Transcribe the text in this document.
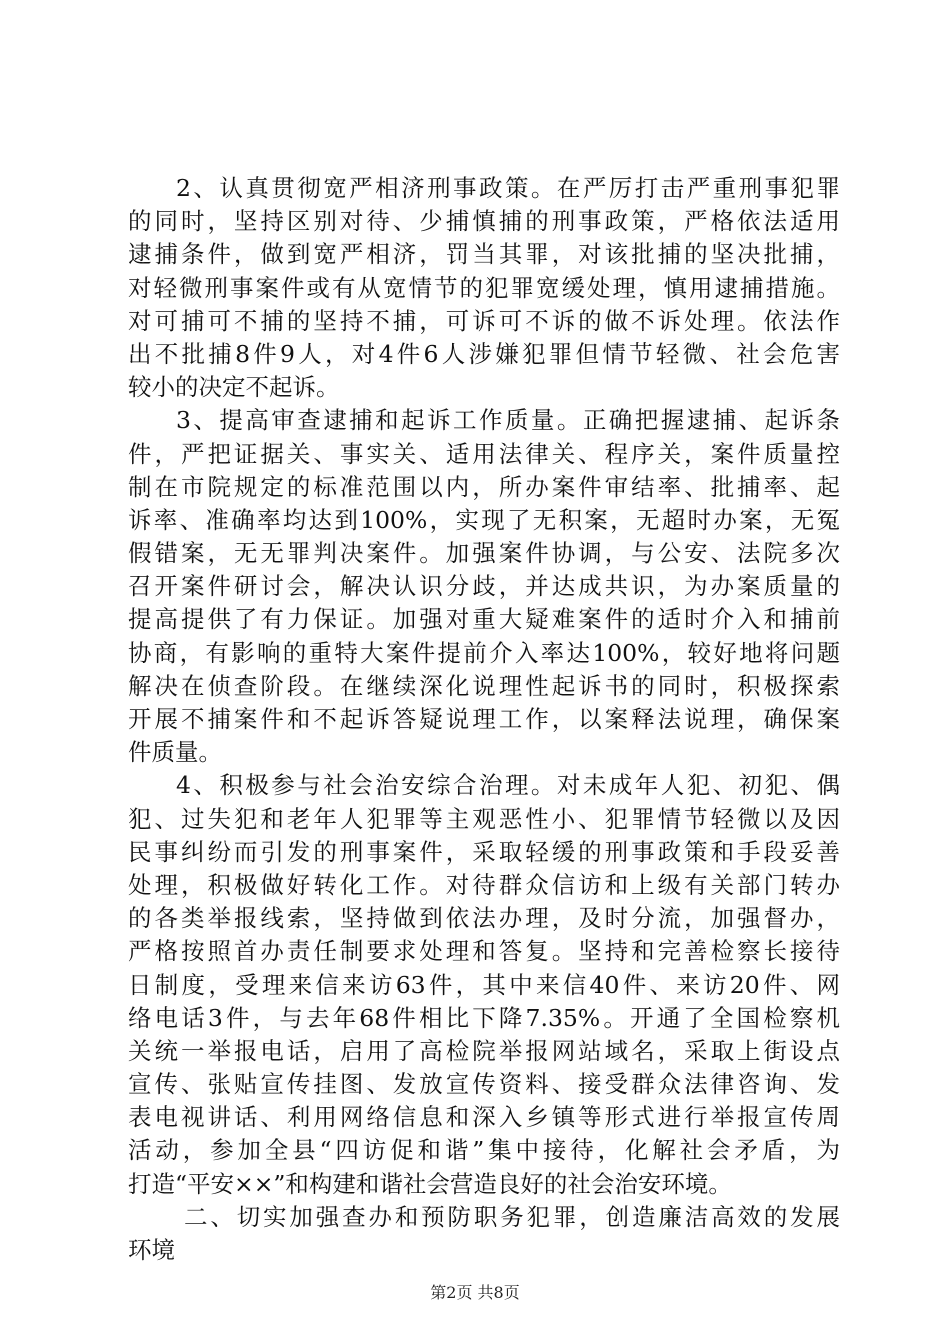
2、认真贯彻宽严相济刑事政策。在严厉打击严重刑事犯罪
的同时，坚持区别对待、少捕慎捕的刑事政策，严格依法适用
逮捕条件，做到宽严相济，罚当其罪，对该批捕的坚决批捕，
对轻微刑事案件或有从宽情节的犯罪宽缓处理，慎用逮捕措施。
对可捕可不捕的坚持不捕，可诉可不诉的做不诉处理。依法作
出不批捕8件9人，对4件6人涉嫌犯罪但情节轻微、社会危害
较小的决定不起诉。
3、提高审查逮捕和起诉工作质量。正确把握逮捕、起诉条
件，严把证据关、事实关、适用法律关、程序关，案件质量控
制在市院规定的标准范围以内，所办案件审结率、批捕率、起
诉率、准确率均达到100%，实现了无积案，无超时办案，无冤
假错案，无无罪判决案件。加强案件协调，与公安、法院多次
召开案件研讨会，解决认识分歧，并达成共识，为办案质量的
提高提供了有力保证。加强对重大疑难案件的适时介入和捕前
协商，有影响的重特大案件提前介入率达100%，较好地将问题
解决在侦查阶段。在继续深化说理性起诉书的同时，积极探索
开展不捕案件和不起诉答疑说理工作，以案释法说理，确保案
件质量。
4、积极参与社会治安综合治理。对未成年人犯、初犯、偶
犯、过失犯和老年人犯罪等主观恶性小、犯罪情节轻微以及因
民事纠纷而引发的刑事案件，采取轻缓的刑事政策和手段妥善
处理，积极做好转化工作。对待群众信访和上级有关部门转办
的各类举报线索，坚持做到依法办理，及时分流，加强督办，
严格按照首办责任制要求处理和答复。坚持和完善检察长接待
日制度，受理来信来访63件，其中来信40件、来访20件、网
络电话3件，与去年68件相比下降7.35%。开通了全国检察机
关统一举报电话，启用了高检院举报网站域名，采取上街设点
宣传、张贴宣传挂图、发放宣传资料、接受群众法律咨询、发
表电视讲话、利用网络信息和深入乡镇等形式进行举报宣传周
活动，参加全县“四访促和谐”集中接待，化解社会矛盾，为
打造“平安××”和构建和谐社会营造良好的社会治安环境。
二、切实加强查办和预防职务犯罪，创造廉洁高效的发展
环境
第2页 共8页
